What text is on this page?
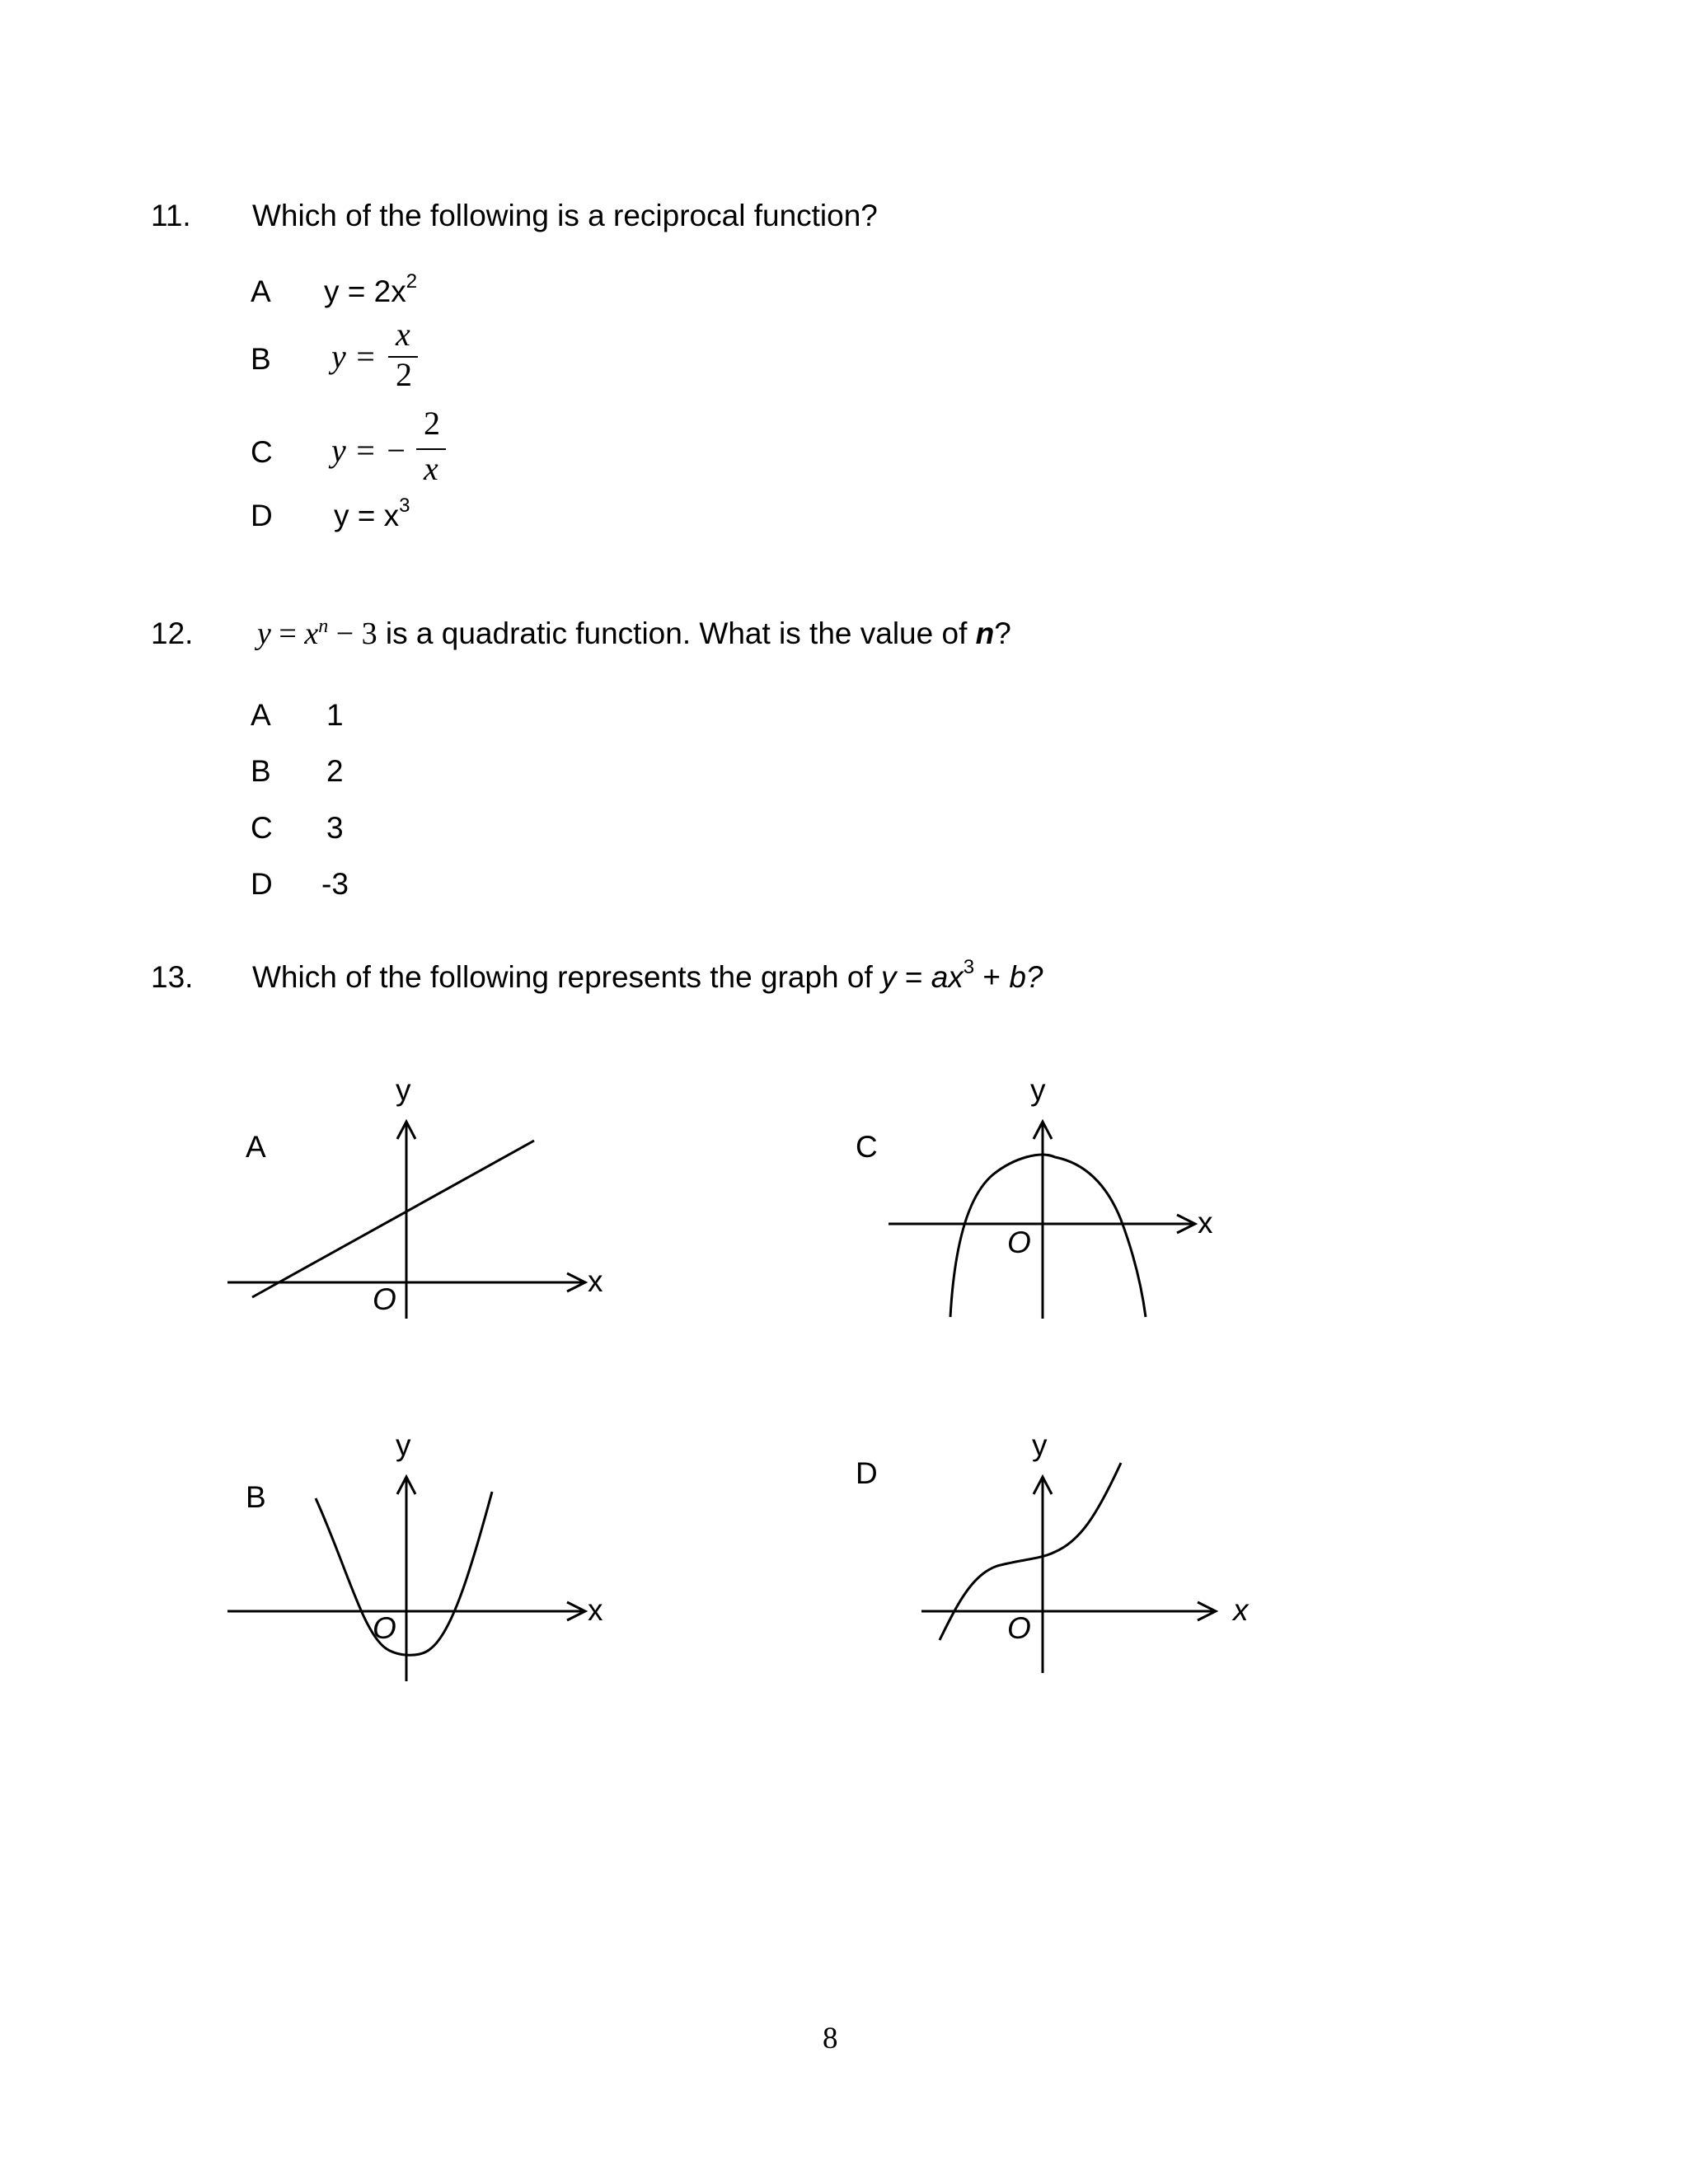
11. Which of the following is a reciprocal function?
A $y = 2x^2$
B y =
x
2
C y = −
2
x
D $y = x^3$
12. $y = x^n - 3$ is a quadratic function. What is the value of n?
A 1
B 2
C 3
D -3
13. Which of the following represents the graph of $y = ax^3 + b$?
A
x
y
O
B
x
y
O
C
x
y
O
D
x
y
O
8
